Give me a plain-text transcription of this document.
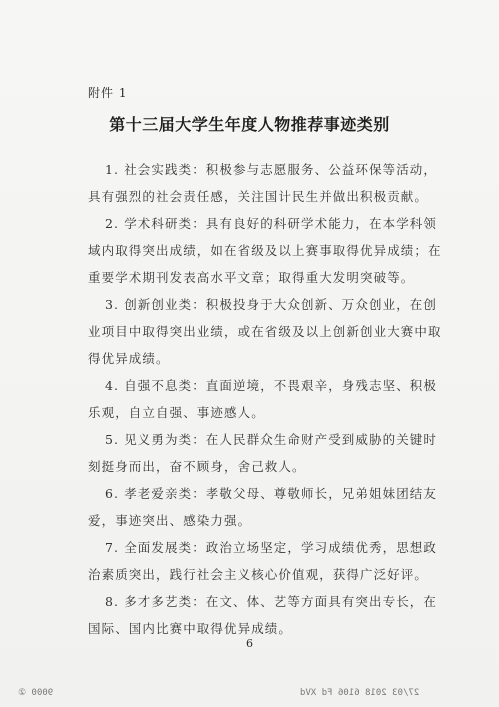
附件 1
第十三届大学生年度人物推荐事迹类别
1. 社会实践类：积极参与志愿服务、公益环保等活动，
具有强烈的社会责任感，关注国计民生并做出积极贡献。
2. 学术科研类：具有良好的科研学术能力，在本学科领
域内取得突出成绩，如在省级及以上赛事取得优异成绩；在
重要学术期刊发表高水平文章；取得重大发明突破等。
3. 创新创业类：积极投身于大众创新、万众创业，在创
业项目中取得突出业绩，或在省级及以上创新创业大赛中取
得优异成绩。
4. 自强不息类：直面逆境，不畏艰辛，身残志坚、积极
乐观，自立自强、事迹感人。
5. 见义勇为类：在人民群众生命财产受到威胁的关键时
刻挺身而出，奋不顾身，舍己救人。
6. 孝老爱亲类：孝敬父母、尊敬师长，兄弟姐妹团结友
爱，事迹突出、感染力强。
7. 全面发展类：政治立场坚定，学习成绩优秀，思想政
治素质突出，践行社会主义核心价值观，获得广泛好评。
8. 多才多艺类：在文、体、艺等方面具有突出专长，在
国际、国内比赛中取得优异成绩。
6
9000 ②	27/03 2018 6106 Fd XVd
